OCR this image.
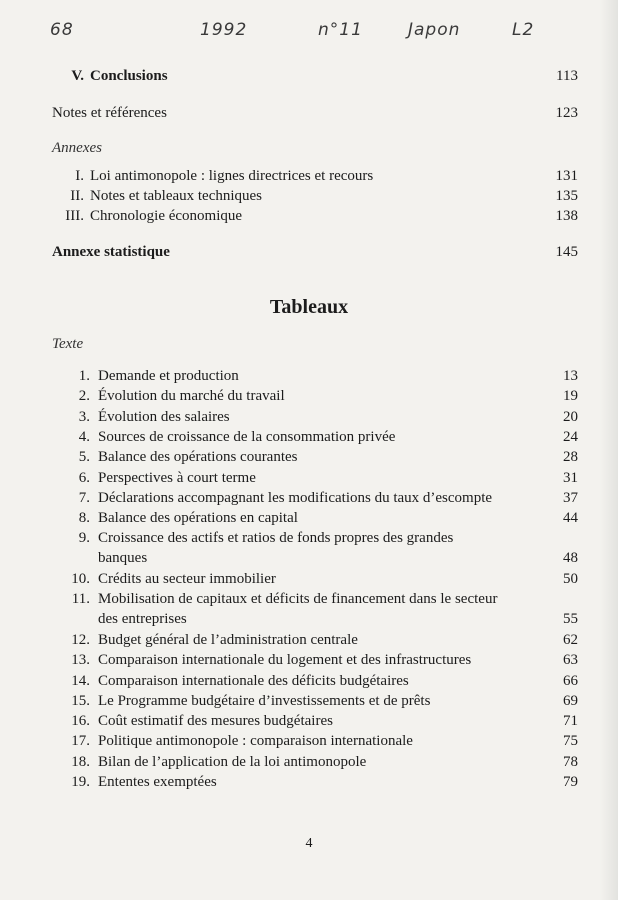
68	1992	n°11	Japon	L2
V. Conclusions	113
Notes et références	123
Annexes
I. Loi antimonopole : lignes directrices et recours	131
II. Notes et tableaux techniques	135
III. Chronologie économique	138
Annexe statistique	145
Tableaux
Texte
1. Demande et production	13
2. Évolution du marché du travail	19
3. Évolution des salaires	20
4. Sources de croissance de la consommation privée	24
5. Balance des opérations courantes	28
6. Perspectives à court terme	31
7. Déclarations accompagnant les modifications du taux d’escompte	37
8. Balance des opérations en capital	44
9. Croissance des actifs et ratios de fonds propres des grandes
banques	48
10. Crédits au secteur immobilier	50
11. Mobilisation de capitaux et déficits de financement dans le secteur
des entreprises	55
12. Budget général de l’administration centrale	62
13. Comparaison internationale du logement et des infrastructures	63
14. Comparaison internationale des déficits budgétaires	66
15. Le Programme budgétaire d’investissements et de prêts	69
16. Coût estimatif des mesures budgétaires	71
17. Politique antimonopole : comparaison internationale	75
18. Bilan de l’application de la loi antimonopole	78
19. Ententes exemptées	79
4
